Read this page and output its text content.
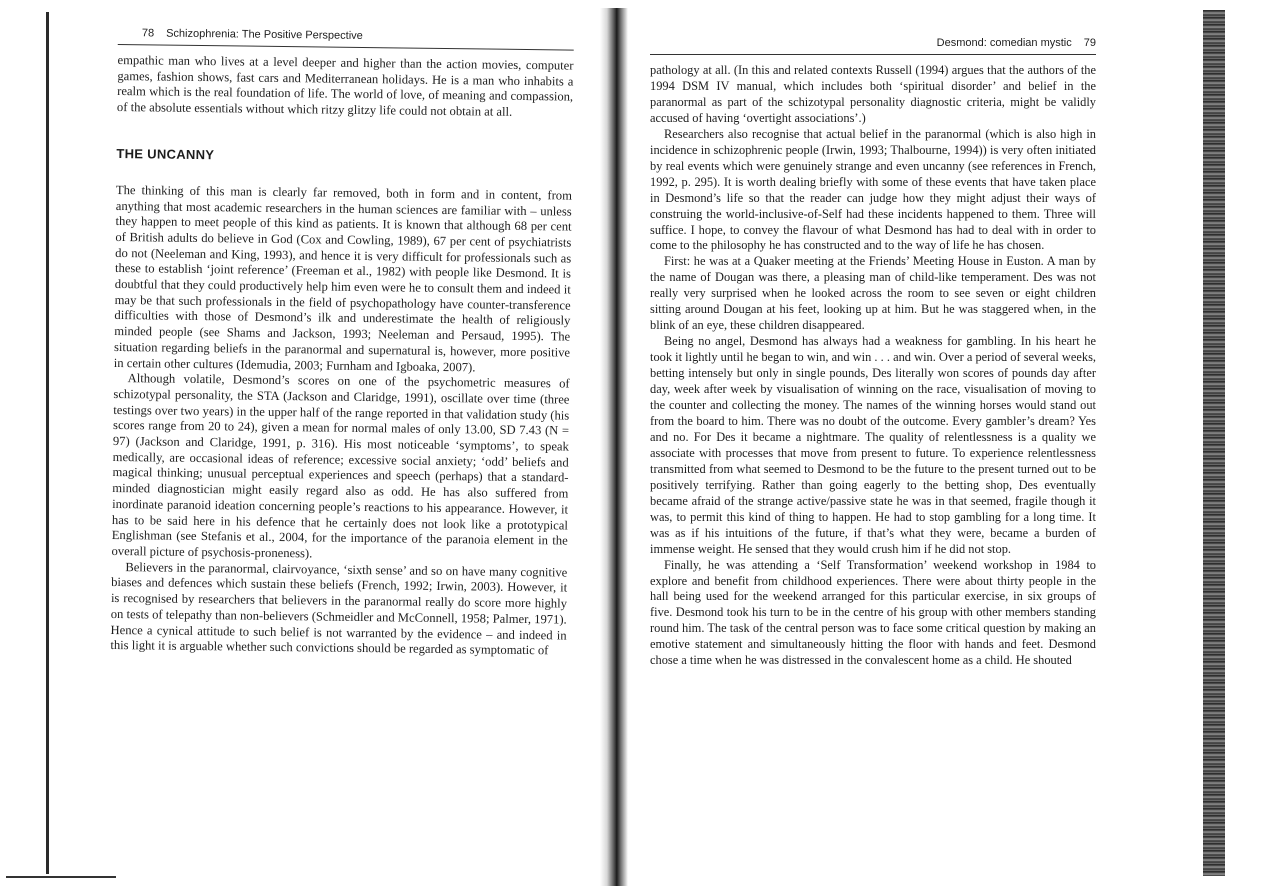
78 Schizophrenia: The Positive Perspective

empathic man who lives at a level deeper and higher than the action movies, computer games, fashion shows, fast cars and Mediterranean holidays. He is a man who inhabits a realm which is the real foundation of life. The world of love, of meaning and compassion, of the absolute essentials without which ritzy glitzy life could not obtain at all.

THE UNCANNY

The thinking of this man is clearly far removed, both in form and in content, from anything that most academic researchers in the human sciences are familiar with – unless they happen to meet people of this kind as patients. It is known that although 68 per cent of British adults do believe in God (Cox and Cowling, 1989), 67 per cent of psychiatrists do not (Neeleman and King, 1993), and hence it is very difficult for professionals such as these to establish ‘joint reference’ (Freeman et al., 1982) with people like Desmond. It is doubtful that they could productively help him even were he to consult them and indeed it may be that such professionals in the field of psychopathology have counter-transference difficulties with those of Desmond’s ilk and underestimate the health of religiously minded people (see Shams and Jackson, 1993; Neeleman and Persaud, 1995). The situation regarding beliefs in the paranormal and supernatural is, however, more positive in certain other cultures (Idemudia, 2003; Furnham and Igboaka, 2007).

Although volatile, Desmond’s scores on one of the psychometric measures of schizotypal personality, the STA (Jackson and Claridge, 1991), oscillate over time (three testings over two years) in the upper half of the range reported in that validation study (his scores range from 20 to 24), given a mean for normal males of only 13.00, SD 7.43 (N = 97) (Jackson and Claridge, 1991, p. 316). His most noticeable ‘symptoms’, to speak medically, are occasional ideas of reference; excessive social anxiety; ‘odd’ beliefs and magical thinking; unusual perceptual experiences and speech (perhaps) that a standard-minded diagnostician might easily regard also as odd. He has also suffered from inordinate paranoid ideation concerning people’s reactions to his appearance. However, it has to be said here in his defence that he certainly does not look like a prototypical Englishman (see Stefanis et al., 2004, for the importance of the paranoia element in the overall picture of psychosis-proneness).

Believers in the paranormal, clairvoyance, ‘sixth sense’ and so on have many cognitive biases and defences which sustain these beliefs (French, 1992; Irwin, 2003). However, it is recognised by researchers that believers in the paranormal really do score more highly on tests of telepathy than non-believers (Schmeidler and McConnell, 1958; Palmer, 1971). Hence a cynical attitude to such belief is not warranted by the evidence – and indeed in this light it is arguable whether such convictions should be regarded as symptomatic of

Desmond: comedian mystic 79

pathology at all. (In this and related contexts Russell (1994) argues that the authors of the 1994 DSM IV manual, which includes both ‘spiritual disorder’ and belief in the paranormal as part of the schizotypal personality diagnostic criteria, might be validly accused of having ‘overtight associations’.)

Researchers also recognise that actual belief in the paranormal (which is also high in incidence in schizophrenic people (Irwin, 1993; Thalbourne, 1994)) is very often initiated by real events which were genuinely strange and even uncanny (see references in French, 1992, p. 295). It is worth dealing briefly with some of these events that have taken place in Desmond’s life so that the reader can judge how they might adjust their ways of construing the world-inclusive-of-Self had these incidents happened to them. Three will suffice. I hope, to convey the flavour of what Desmond has had to deal with in order to come to the philosophy he has constructed and to the way of life he has chosen.

First: he was at a Quaker meeting at the Friends’ Meeting House in Euston. A man by the name of Dougan was there, a pleasing man of child-like temperament. Des was not really very surprised when he looked across the room to see seven or eight children sitting around Dougan at his feet, looking up at him. But he was staggered when, in the blink of an eye, these children disappeared.

Being no angel, Desmond has always had a weakness for gambling. In his heart he took it lightly until he began to win, and win . . . and win. Over a period of several weeks, betting intensely but only in single pounds, Des literally won scores of pounds day after day, week after week by visualisation of winning on the race, visualisation of moving to the counter and collecting the money. The names of the winning horses would stand out from the board to him. There was no doubt of the outcome. Every gambler’s dream? Yes and no. For Des it became a nightmare. The quality of relentlessness is a quality we associate with processes that move from present to future. To experience relentlessness transmitted from what seemed to Desmond to be the future to the present turned out to be positively terrifying. Rather than going eagerly to the betting shop, Des eventually became afraid of the strange active/passive state he was in that seemed, fragile though it was, to permit this kind of thing to happen. He had to stop gambling for a long time. It was as if his intuitions of the future, if that’s what they were, became a burden of immense weight. He sensed that they would crush him if he did not stop.

Finally, he was attending a ‘Self Transformation’ weekend workshop in 1984 to explore and benefit from childhood experiences. There were about thirty people in the hall being used for the weekend arranged for this particular exercise, in six groups of five. Desmond took his turn to be in the centre of his group with other members standing round him. The task of the central person was to face some critical question by making an emotive statement and simultaneously hitting the floor with hands and feet. Desmond chose a time when he was distressed in the convalescent home as a child. He shouted
